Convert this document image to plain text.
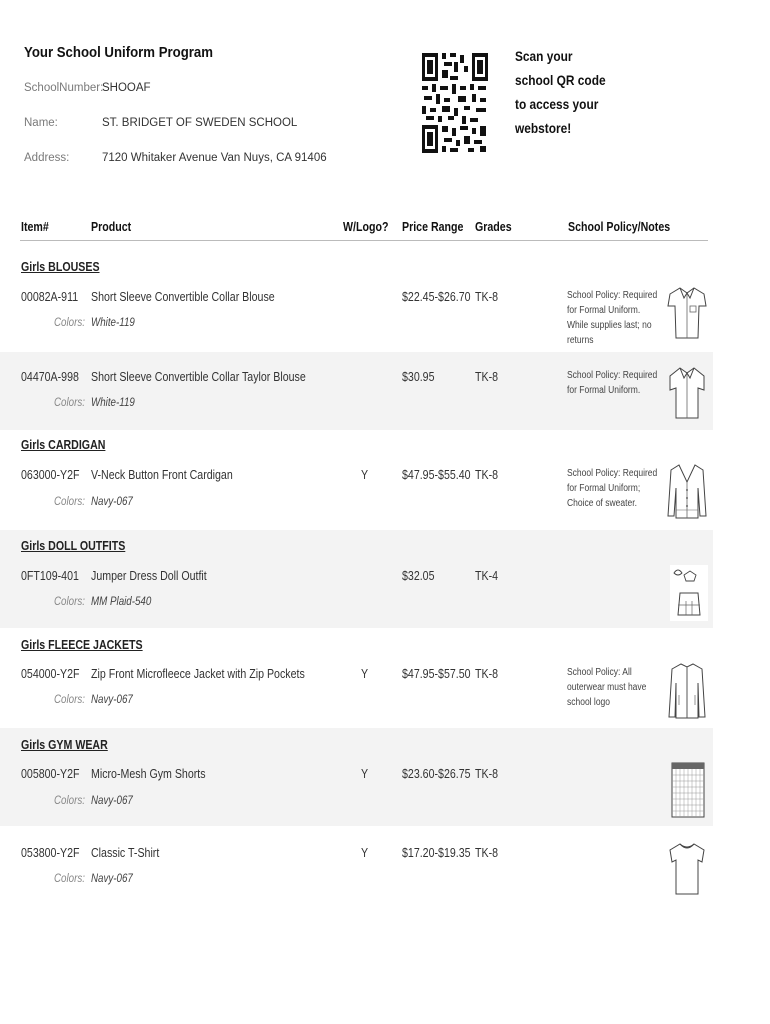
Your School Uniform Program
SchoolNumber:
SHOOAF
Name:	ST. BRIDGET OF SWEDEN SCHOOL
Address:	7120 Whitaker Avenue Van Nuys, CA 91406
Scan your
school QR code
to access your
webstore!
Item#	Product	W/Logo? Price Range Grades	School Policy/Notes
Girls BLOUSES
00082A-911 Short Sleeve Convertible Collar Blouse	$22.45-$26.70 TK-8
Colors: White-119
School Policy: Required for Formal Uniform. While supplies last; no returns
04470A-998 Short Sleeve Convertible Collar Taylor Blouse	$30.95	TK-8
Colors: White-119
School Policy: Required for Formal Uniform.
Girls CARDIGAN
063000-Y2F V-Neck Button Front Cardigan	Y	$47.95-$55.40 TK-8
Colors: Navy-067
School Policy: Required for Formal Uniform; Choice of sweater.
Girls DOLL OUTFITS
0FT109-401 Jumper Dress Doll Outfit	$32.05	TK-4
Colors: MM Plaid-540
Girls FLEECE JACKETS
054000-Y2F Zip Front Microfleece Jacket with Zip Pockets	Y	$47.95-$57.50 TK-8
Colors: Navy-067
School Policy: All outerwear must have school logo
Girls GYM WEAR
005800-Y2F Micro-Mesh Gym Shorts	Y	$23.60-$26.75 TK-8
Colors: Navy-067
053800-Y2F Classic T-Shirt	Y	$17.20-$19.35 TK-8
Colors: Navy-067
